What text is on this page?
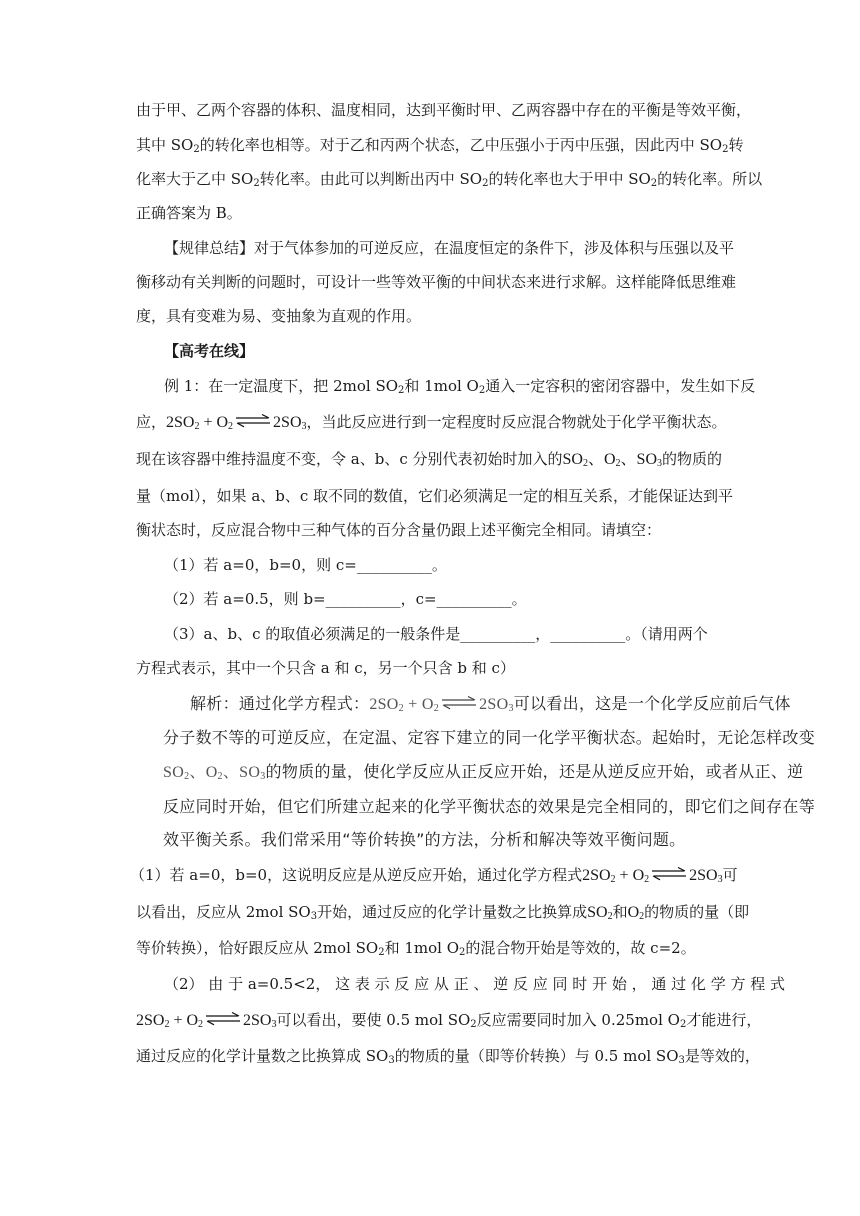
由于甲、乙两个容器的体积、温度相同，达到平衡时甲、乙两容器中存在的平衡是等效平衡，
其中 $SO_2$的转化率也相等。对于乙和丙两个状态，乙中压强小于丙中压强，因此丙中 $SO_2$转
化率大于乙中 $SO_2$转化率。由此可以判断出丙中 $SO_2$的转化率也大于甲中 $SO_2$的转化率。所以
正确答案为 B。
【规律总结】对于气体参加的可逆反应，在温度恒定的条件下，涉及体积与压强以及平
衡移动有关判断的问题时，可设计一些等效平衡的中间状态来进行求解。这样能降低思维难
度，具有变难为易、变抽象为直观的作用。
【高考在线】
例 1：在一定温度下，把 2mol $SO_2$和 1mol $O_2$通入一定容积的密闭容器中，发生如下反
应，$2SO_2 + O_2$ ⇌ $2SO_3$，当此反应进行到一定程度时反应混合物就处于化学平衡状态。
现在该容器中维持温度不变，令 a、b、c 分别代表初始时加入的$SO_2$、$O_2$、$SO_3$的物质的
量（mol），如果 a、b、c 取不同的数值，它们必须满足一定的相互关系，才能保证达到平
衡状态时，反应混合物中三种气体的百分含量仍跟上述平衡完全相同。请填空：
（1）若 a=0，b=0，则 c=__________。
（2）若 a=0.5，则 b=__________，c=__________。
（3）a、b、c 的取值必须满足的一般条件是__________，__________。（请用两个
方程式表示，其中一个只含 a 和 c，另一个只含 b 和 c）
解析：通过化学方程式：$2SO_2 + O_2$ ⇌ $2SO_3$可以看出，这是一个化学反应前后气体
分子数不等的可逆反应，在定温、定容下建立的同一化学平衡状态。起始时，无论怎样改变
$SO_2$、$O_2$、$SO_3$的物质的量，使化学反应从正反应开始，还是从逆反应开始，或者从正、逆
反应同时开始，但它们所建立起来的化学平衡状态的效果是完全相同的，即它们之间存在等
效平衡关系。我们常采用“等价转换”的方法，分析和解决等效平衡问题。
（1）若 a=0，b=0，这说明反应是从逆反应开始，通过化学方程式$2SO_2 + O_2$ ⇌ $2SO_3$可
以看出，反应从 2mol $SO_3$开始，通过反应的化学计量数之比换算成$SO_2$和$O_2$的物质的量（即
等价转换），恰好跟反应从 2mol $SO_2$和 1mol $O_2$的混合物开始是等效的，故 c=2。
（2） 由 于 a=0.5<2， 这 表 示 反 应 从 正 、 逆 反 应 同 时 开 始 ， 通 过 化 学 方 程 式
$2SO_2 + O_2$ ⇌ $2SO_3$可以看出，要使 0.5 mol $SO_2$反应需要同时加入 0.25mol $O_2$才能进行，
通过反应的化学计量数之比换算成 $SO_3$的物质的量（即等价转换）与 0.5 mol $SO_3$是等效的，
